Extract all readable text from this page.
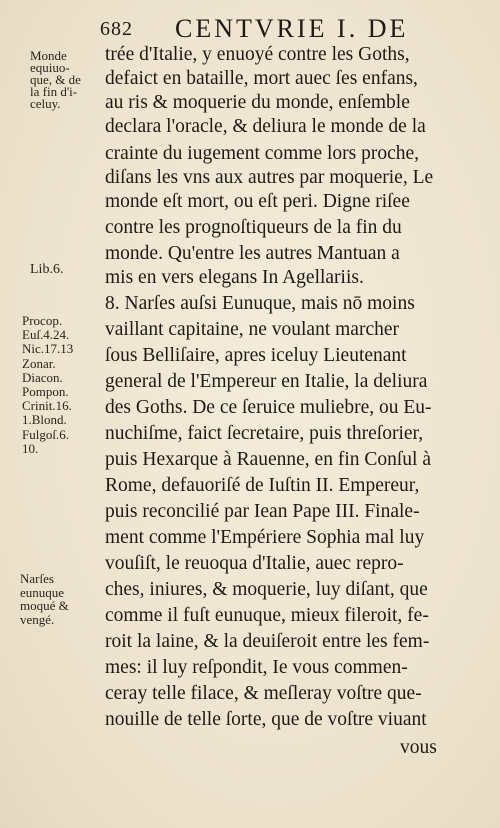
682 CENTVRIE I. DE
Monde
equiuo-
que, & de
la fin d'i-
celuy.
Lib.6.
Procop.
Euſ.4.24.
Nic.17.13
Zonar.
Diacon.
Pompon.
Crinit.16.
1.Blond.
Fulgoſ.6.
10.
Narſes
eunuque
moqué &
vengé.
trée d'Italie, y enuoyé contre les Goths,
defaict en bataille, mort auec ſes enfans,
au ris & moquerie du monde, enſemble
declara l'oracle, & deliura le monde de la
crainte du iugement comme lors proche,
diſans les vns aux autres par moquerie, Le
monde eſt mort, ou eſt peri. Digne riſee
contre les prognoſtiqueurs de la fin du
monde. Qu'entre les autres Mantuan a
mis en vers elegans In Agellariis.
8. Narſes auſsi Eunuque, mais nō moins
vaillant capitaine, ne voulant marcher
ſous Belliſaire, apres iceluy Lieutenant
general de l'Empereur en Italie, la deliura
des Goths. De ce ſeruice muliebre, ou Eu-
nuchiſme, faict ſecretaire, puis threſorier,
puis Hexarque à Rauenne, en fin Conſul à
Rome, defauoriſé de Iuſtin II. Empereur,
puis reconcilié par Iean Pape III. Finale-
ment comme l'Empériere Sophia mal luy
vouſiſt, le reuoqua d'Italie, auec repro-
ches, iniures, & moquerie, luy diſant, que
comme il fuſt eunuque, mieux fileroit, fe-
roit la laine, & la deuiſeroit entre les fem-
mes: il luy reſpondit, Ie vous commen-
ceray telle filace, & meſleray voſtre que-
nouille de telle ſorte, que de voſtre viuant
vous
